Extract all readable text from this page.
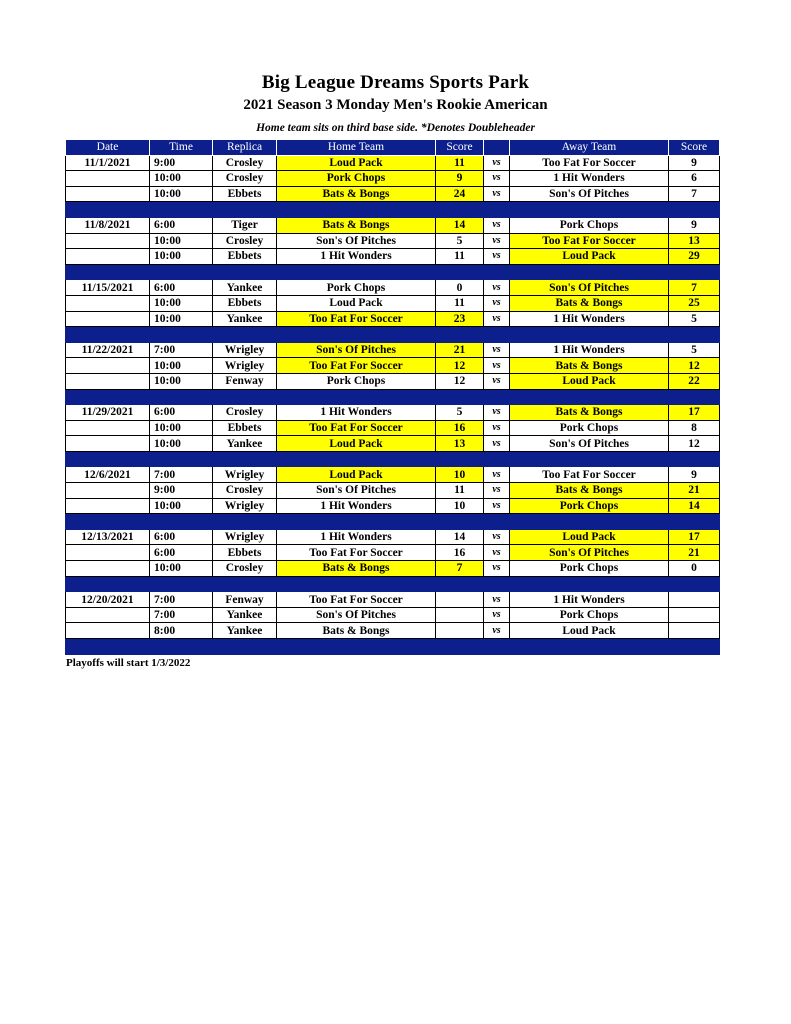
Big League Dreams Sports Park
2021 Season 3 Monday Men's Rookie American
Home team sits on third base side. *Denotes Doubleheader
Date	Time	Replica	Home Team	Score		Away Team	Score
11/1/2021	9:00	Crosley	Loud Pack	11	vs	Too Fat For Soccer	9
	10:00	Crosley	Pork Chops	9	vs	1 Hit Wonders	6
	10:00	Ebbets	Bats & Bongs	24	vs	Son's Of Pitches	7

11/8/2021	6:00	Tiger	Bats & Bongs	14	vs	Pork Chops	9
	10:00	Crosley	Son's Of Pitches	5	vs	Too Fat For Soccer	13
	10:00	Ebbets	1 Hit Wonders	11	vs	Loud Pack	29

11/15/2021	6:00	Yankee	Pork Chops	0	vs	Son's Of Pitches	7
	10:00	Ebbets	Loud Pack	11	vs	Bats & Bongs	25
	10:00	Yankee	Too Fat For Soccer	23	vs	1 Hit Wonders	5

11/22/2021	7:00	Wrigley	Son's Of Pitches	21	vs	1 Hit Wonders	5
	10:00	Wrigley	Too Fat For Soccer	12	vs	Bats & Bongs	12
	10:00	Fenway	Pork Chops	12	vs	Loud Pack	22

11/29/2021	6:00	Crosley	1 Hit Wonders	5	vs	Bats & Bongs	17
	10:00	Ebbets	Too Fat For Soccer	16	vs	Pork Chops	8
	10:00	Yankee	Loud Pack	13	vs	Son's Of Pitches	12

12/6/2021	7:00	Wrigley	Loud Pack	10	vs	Too Fat For Soccer	9
	9:00	Crosley	Son's Of Pitches	11	vs	Bats & Bongs	21
	10:00	Wrigley	1 Hit Wonders	10	vs	Pork Chops	14

12/13/2021	6:00	Wrigley	1 Hit Wonders	14	vs	Loud Pack	17
	6:00	Ebbets	Too Fat For Soccer	16	vs	Son's Of Pitches	21
	10:00	Crosley	Bats & Bongs	7	vs	Pork Chops	0

12/20/2021	7:00	Fenway	Too Fat For Soccer		vs	1 Hit Wonders	
	7:00	Yankee	Son's Of Pitches		vs	Pork Chops	
	8:00	Yankee	Bats & Bongs		vs	Loud Pack	

Playoffs will start 1/3/2022
